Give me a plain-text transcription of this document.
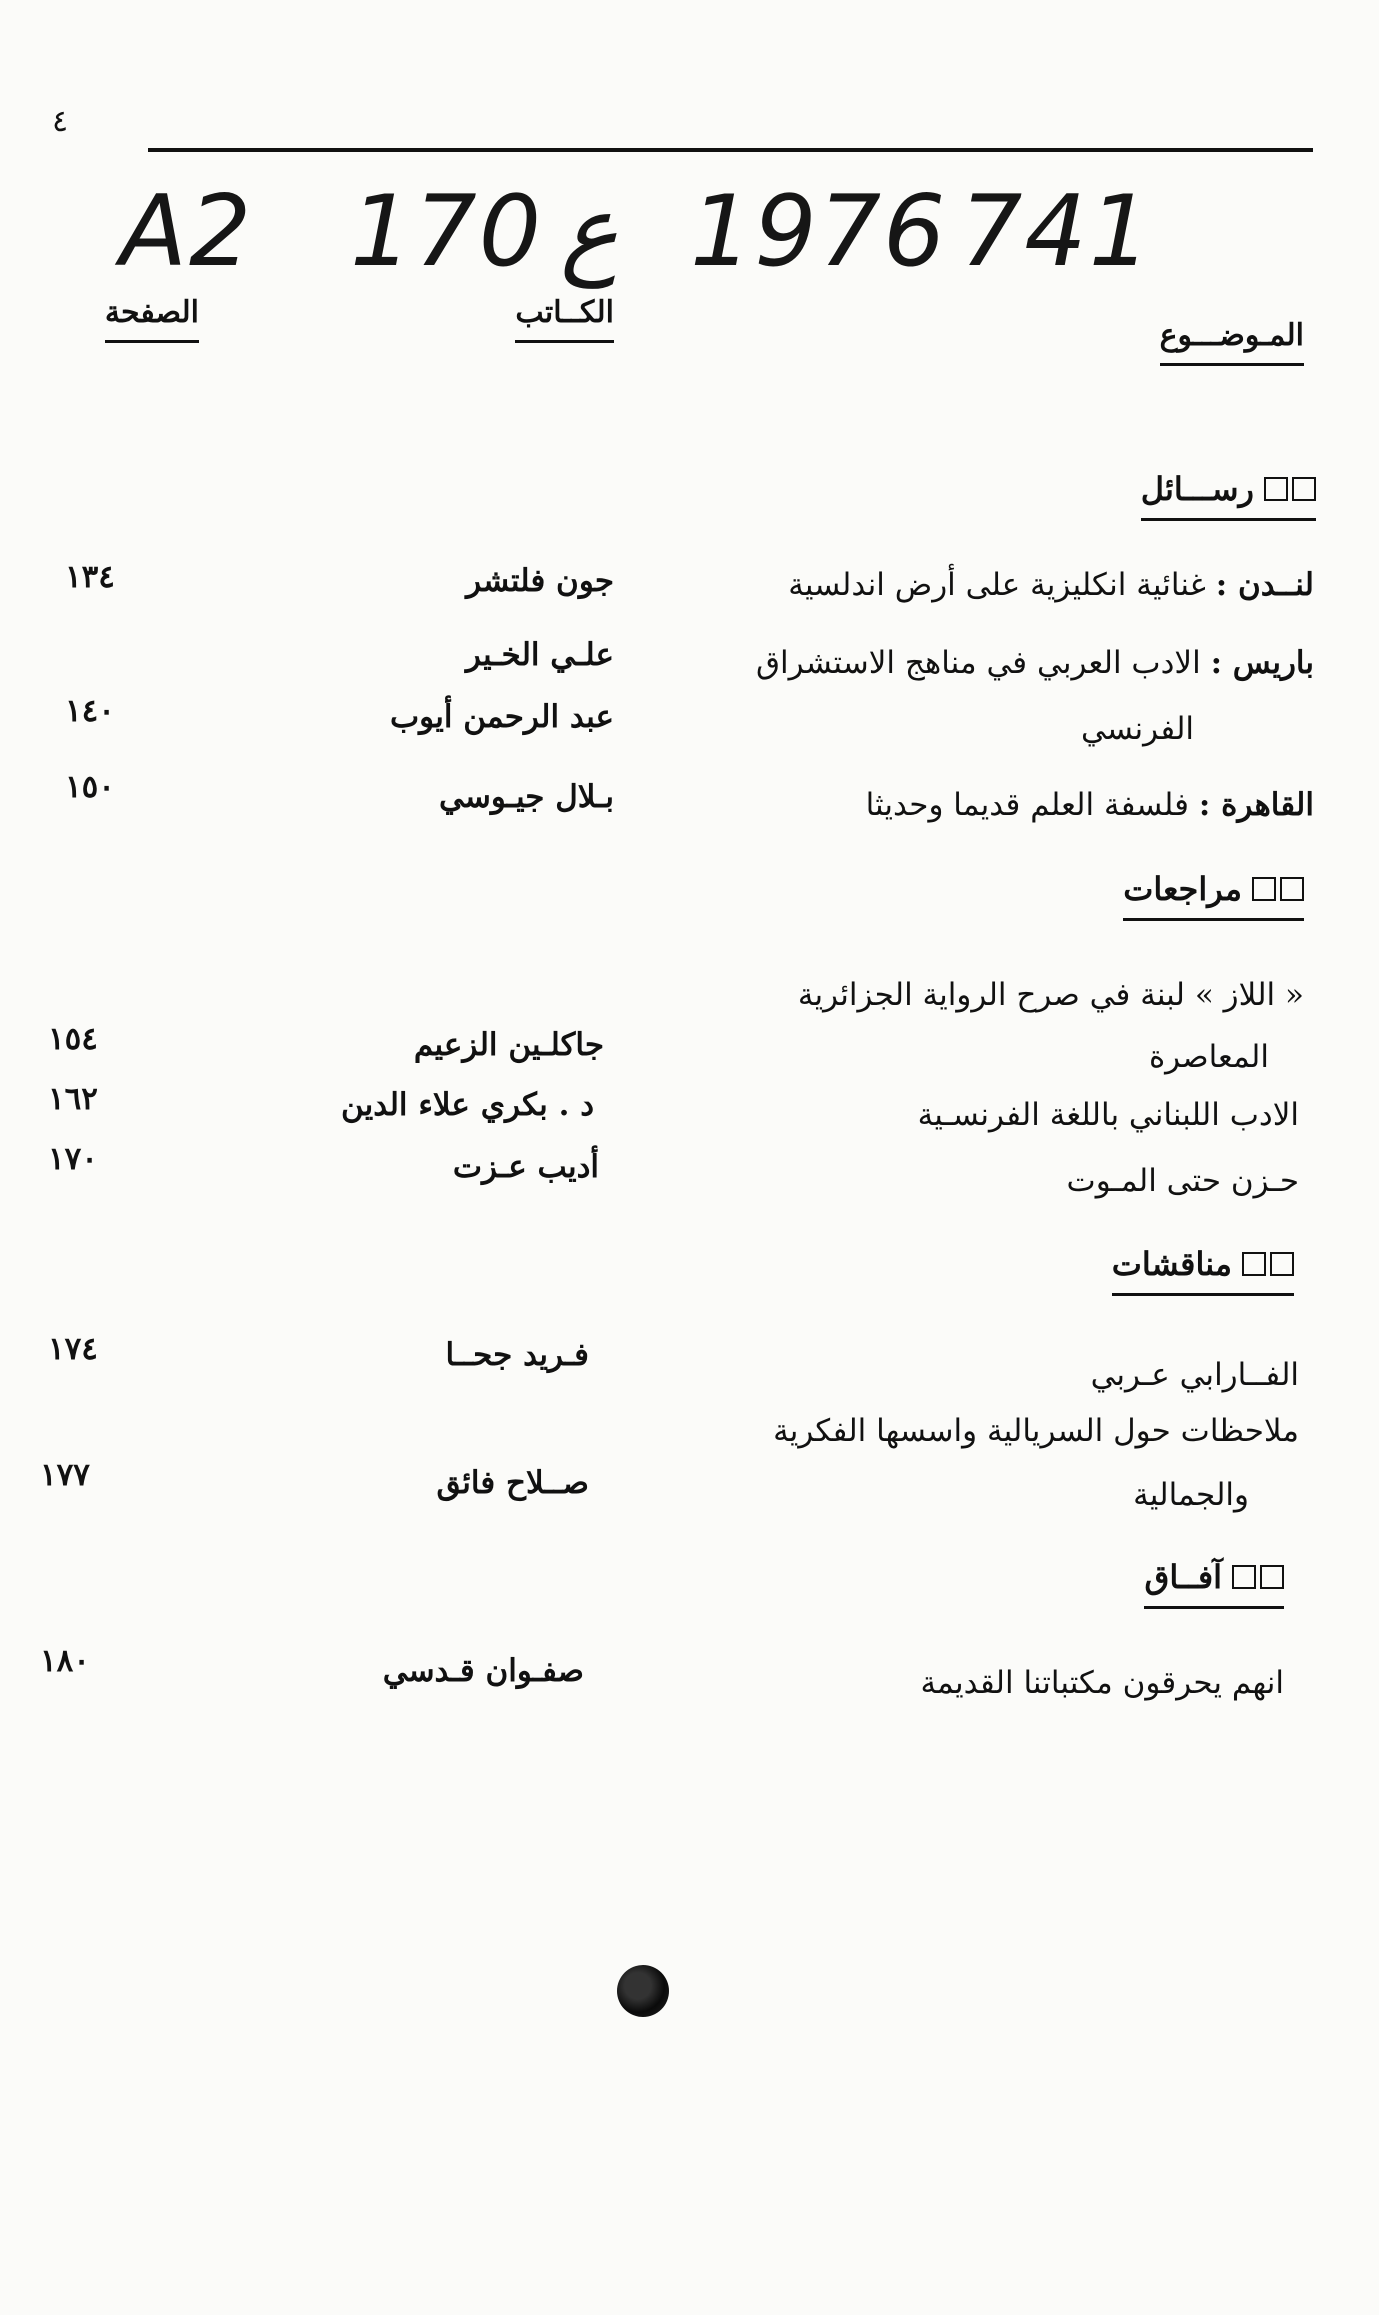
٤
A2 170 ع 1976 741
المـوضـــوع
الكــاتب
الصفحة
رســـائل
لنــدن : غنائية انكليزية على أرض اندلسية
جون فلتشر
١٣٤
باريس : الادب العربي في مناهج الاستشراق
علـي الخـير
الفرنسي
عبد الرحمن أيوب
١٤٠
القاهرة : فلسفة العلم قديما وحديثا
بـلال جيـوسي
١٥٠
مراجعات
« اللاز » لبنة في صرح الرواية الجزائرية
المعاصرة
جاكلـين الزعيم
١٥٤
الادب اللبناني باللغة الفرنسـية
د . بكري علاء الدين
١٦٢
حـزن حتى المـوت
أديب عـزت
١٧٠
مناقشات
الفــارابي عـربي
فـريد جحــا
١٧٤
ملاحظات حول السريالية واسسها الفكرية
والجمالية
صــلاح فائق
١٧٧
آفــاق
انهم يحرقون مكتباتنا القديمة
صفـوان قـدسي
١٨٠
